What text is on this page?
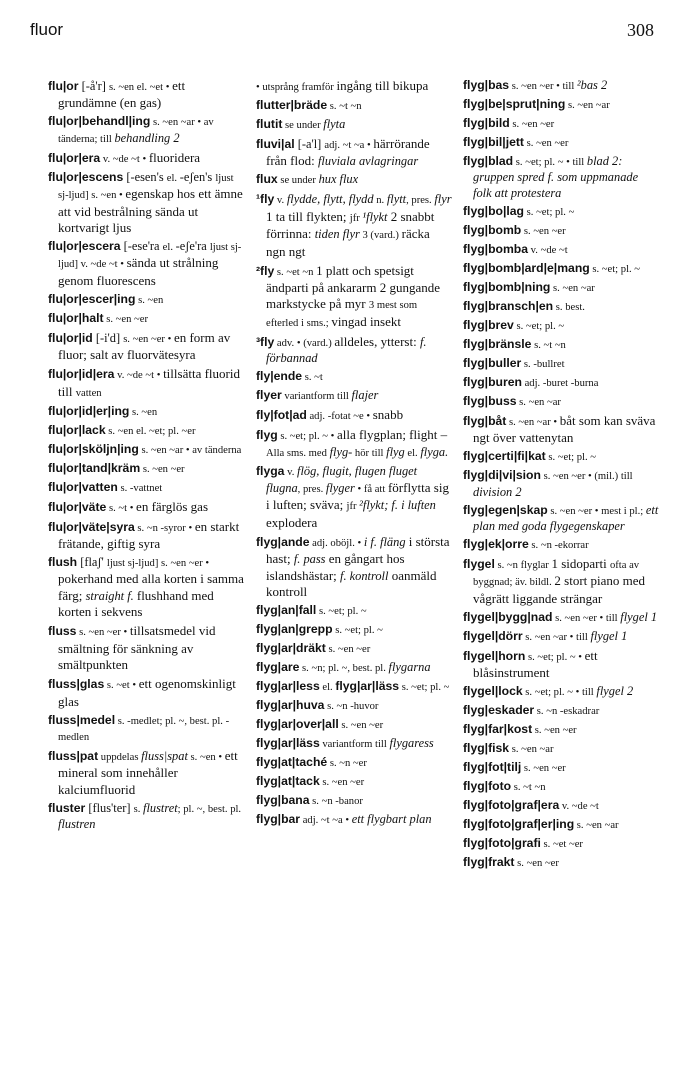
fluor	308

flu|or [-å'r] s. ~en el. ~et • ett grundämne (en gas)

flu|or|behandl|ing s. ~en ~ar • av tänderna; till behandling 2

flu|or|era v. ~de ~t • fluoridera

flu|or|escens [-esen's el. -eʃen's ljust sj-ljud] s. ~en • egenskap hos ett ämne att vid bestrålning sända ut kortvarigt ljus

flu|or|escera [-ese'ra el. -eʃe'ra ljust sj-ljud] v. ~de ~t • sända ut strålning genom fluorescens

flu|or|escer|ing s. ~en

flu|or|halt s. ~en ~er

flu|or|id [-i'd] s. ~en ~er • en form av fluor; salt av fluorvätesyra

flu|or|id|era v. ~de ~t • tillsätta fluorid till vatten

flu|or|id|er|ing s. ~en

flu|or|lack s. ~en el. ~et; pl. ~er

flu|or|sköljn|ing s. ~en ~ar • av tänderna

flu|or|tand|kräm s. ~en ~er

flu|or|vatten s. -vattnet

flu|or|väte s. ~t • en färglös gas

flu|or|väte|syra s. ~n -syror • en starkt frätande, giftig syra

flush [flaʃ' ljust sj-ljud] s. ~en ~er • pokerhand med alla korten i samma färg; straight f. flushhand med korten i sekvens

fluss s. ~en ~er • tillsatsmedel vid smältning för sänkning av smältpunkten

fluss|glas s. ~et • ett ogenomskinligt glas

fluss|medel s. -medlet; pl. ~, best. pl. -medlen

fluss|pat uppdelas fluss|spat s. ~en • ett mineral som innehåller kalciumfluorid

fluster [flus'ter] s. flustret; pl. ~, best. pl. flustren

• utsprång framför ingång till bikupa

flutter|bräde s. ~t ~n

flutit se under flyta

fluvi|al [-a'l] adj. ~t ~a • härrörande från flod: fluviala avlagringar

flux se under hux flux

¹fly v. flydde, flytt, flydd n. flytt, pres. flyr 1 ta till flykten; jfr ¹flykt 2 snabbt förrinna: tiden flyr 3 (vard.) räcka ngn ngt

²fly s. ~et ~n 1 platt och spetsigt ändparti på ankararm 2 gungande markstycke på myr 3 mest som efterled i sms.; vingad insekt

³fly adv. • (vard.) alldeles, ytterst: f. förbannad

fly|ende s. ~t

flyer variantform till flajer

fly|fot|ad adj. -fotat ~e • snabb

flyg s. ~et; pl. ~ • alla flygplan; flight – Alla sms. med flyg- hör till flyg el. flyga.

flyga v. flög, flugit, flugen fluget flugna, pres. flyger • få att förflytta sig i luften; sväva; jfr ²flykt; f. i luften explodera

flyg|ande adj. oböjl. • i f. fläng i största hast; f. pass en gångart hos islandshästar; f. kontroll oanmäld kontroll

flyg|an|fall s. ~et; pl. ~

flyg|an|grepp s. ~et; pl. ~

flyg|ar|dräkt s. ~en ~er

flyg|are s. ~n; pl. ~, best. pl. flygarna

flyg|ar|less el. flyg|ar|läss s. ~et; pl. ~

flyg|ar|huva s. ~n -huvor

flyg|ar|over|all s. ~en ~er

flyg|ar|läss variantform till flygaress

flyg|at|taché s. ~n ~er

flyg|at|tack s. ~en ~er

flyg|bana s. ~n -banor

flyg|bar adj. ~t ~a • ett flygbart plan

flyg|bas s. ~en ~er • till ²bas 2

flyg|be|sprut|ning s. ~en ~ar

flyg|bild s. ~en ~er

flyg|bil|jett s. ~en ~er

flyg|blad s. ~et; pl. ~ • till blad 2: gruppen spred f. som uppmanade folk att protestera

flyg|bo|lag s. ~et; pl. ~

flyg|bomb s. ~en ~er

flyg|bomba v. ~de ~t

flyg|bomb|ard|e|mang s. ~et; pl. ~

flyg|bomb|ning s. ~en ~ar

flyg|bransch|en s. best.

flyg|brev s. ~et; pl. ~

flyg|bränsle s. ~t ~n

flyg|buller s. -bullret

flyg|buren adj. -buret -burna

flyg|buss s. ~en ~ar

flyg|båt s. ~en ~ar • båt som kan sväva ngt över vattenytan

flyg|certi|fi|kat s. ~et; pl. ~

flyg|di|vi|sion s. ~en ~er • (mil.) till division 2

flyg|egen|skap s. ~en ~er • mest i pl.; ett plan med goda flygegenskaper

flyg|ek|orre s. ~n -ekorrar

flygel s. ~n flyglar 1 sidoparti ofta av byggnad; äv. bildl. 2 stort piano med vågrätt liggande strängar

flygel|bygg|nad s. ~en ~er • till flygel 1

flygel|dörr s. ~en ~ar • till flygel 1

flygel|horn s. ~et; pl. ~ • ett blåsinstrument

flygel|lock s. ~et; pl. ~ • till flygel 2

flyg|eskader s. ~n -eskadrar

flyg|far|kost s. ~en ~er

flyg|fisk s. ~en ~ar

flyg|fot|tilj s. ~en ~er

flyg|foto s. ~t ~n

flyg|foto|graf|era v. ~de ~t

flyg|foto|graf|er|ing s. ~en ~ar

flyg|foto|grafi s. ~et ~er

flyg|frakt s. ~en ~er
